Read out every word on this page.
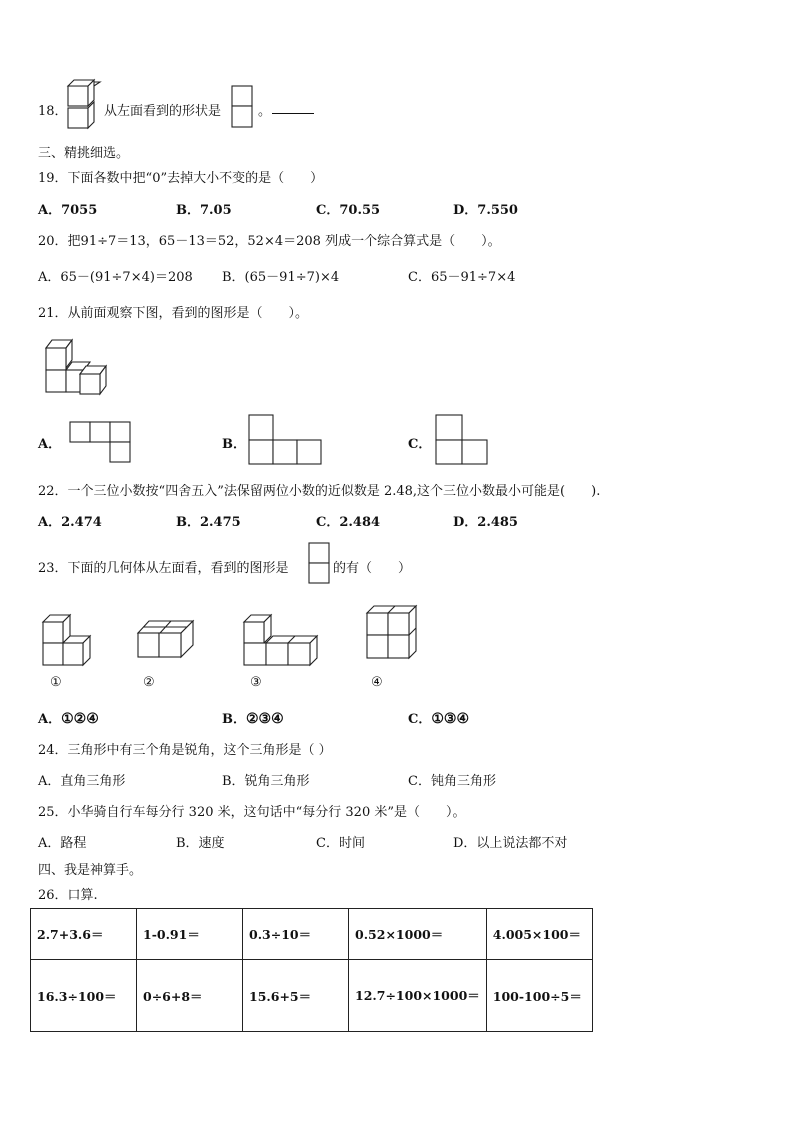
18．	从左面看到的形状是	。
三、精挑细选。
19．下面各数中把“0”去掉大小不变的是（　　）
A．7055	B．7.05	C．70.55	D．7.550
20．把91÷7＝13，65－13＝52，52×4＝208 列成一个综合算式是（　　）。
A．65－(91÷7×4)＝208 B．(65－91÷7)×4	C．65－91÷7×4
21．从前面观察下图，看到的图形是（　　）。
A．	B．	C．
22．一个三位小数按“四舍五入”法保留两位小数的近似数是 2.48,这个三位小数最小可能是(　　).
A．2.474	B．2.475	C．2.484	D．2.485
23．下面的几何体从左面看，看到的图形是	的有（　　）
①	②	③	④
A．①②④	B．②③④	C．①③④
24．三角形中有三个角是锐角，这个三角形是（ ）
A．直角三角形	B．锐角三角形	C．钝角三角形
25．小华骑自行车每分行 320 米，这句话中“每分行 320 米”是（　　）。
A．路程	B．速度	C．时间	D．以上说法都不对
四、我是神算手。
26．口算.
2.7+3.6＝	1-0.91＝	0.3÷10＝	0.52×1000＝	4.005×100＝
16.3÷100＝	0÷6+8＝	15.6+5＝	12.7÷100×1000＝	100-100÷5＝
